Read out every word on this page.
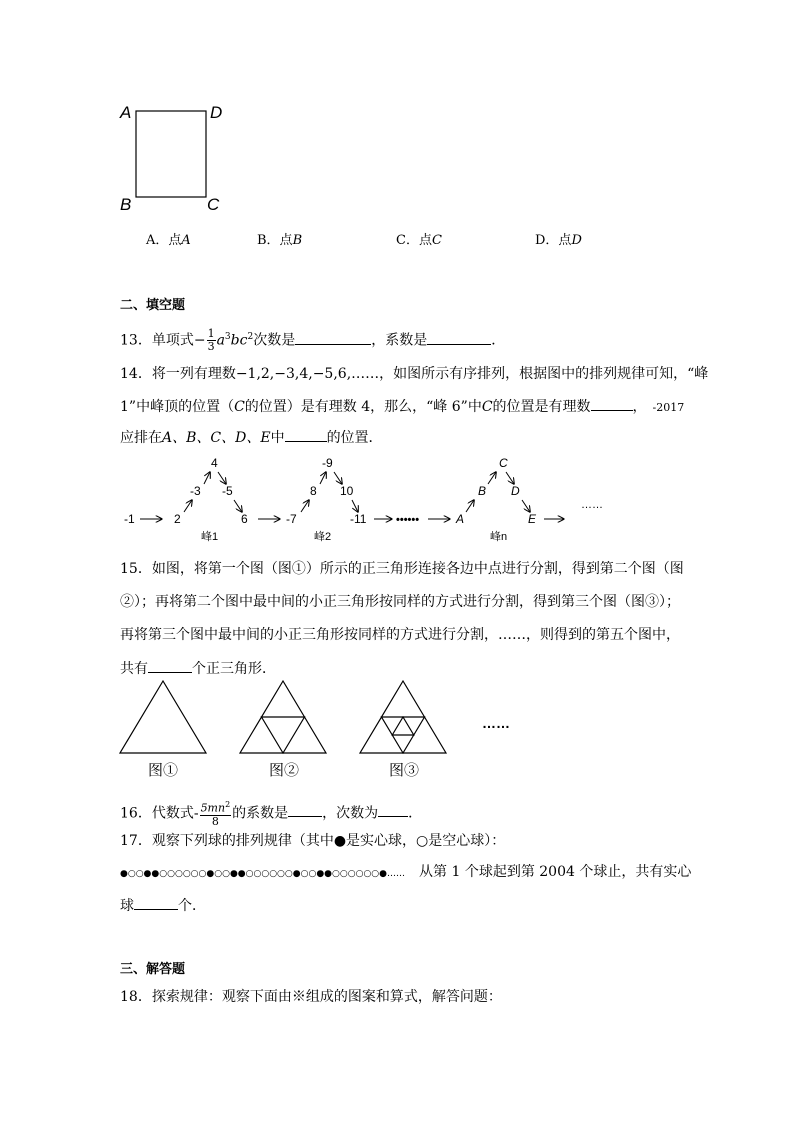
A	D
B	C
A．点A	B．点B	C．点C	D．点D
二、填空题
13．单项式− $\frac{1}{3} a^3bc^2$次数是	，系数是	．
14．将一列有理数−1,2,−3,4,−5,6,……，如图所示有序排列，根据图中的排列规律可知，“峰
1”中峰顶的位置（C的位置）是有理数 4，那么，“峰 6”中C的位置是有理数	， -2017
应排在A、B、C、D、E中	的位置．
-1	2
-3
4
-5
6
峰1
-7
8
-9
10
-11
峰2
••••••	A
B
C
D
E
峰n
……
15．如图，将第一个图（图①）所示的正三角形连接各边中点进行分割，得到第二个图（图
②）；再将第二个图中最中间的小正三角形按同样的方式进行分割，得到第三个图（图③）；
再将第三个图中最中间的小正三角形按同样的方式进行分割，……，则得到的第五个图中，
共有	个正三角形．
……
图①	图②	图③
16．代数式- $\frac{5mn^2}{8}$ 的系数是 ，次数为 ．
17．观察下列球的排列规律（其中●是实心球，○是空心球）：
●○○●●○○○○○○●○○●●○○○○○○●○○●●○○○○○○●…… 从第 1 个球起到第 2004 个球止，共有实心
球	个．
三、解答题
18．探索规律：观察下面由※组成的图案和算式，解答问题：
